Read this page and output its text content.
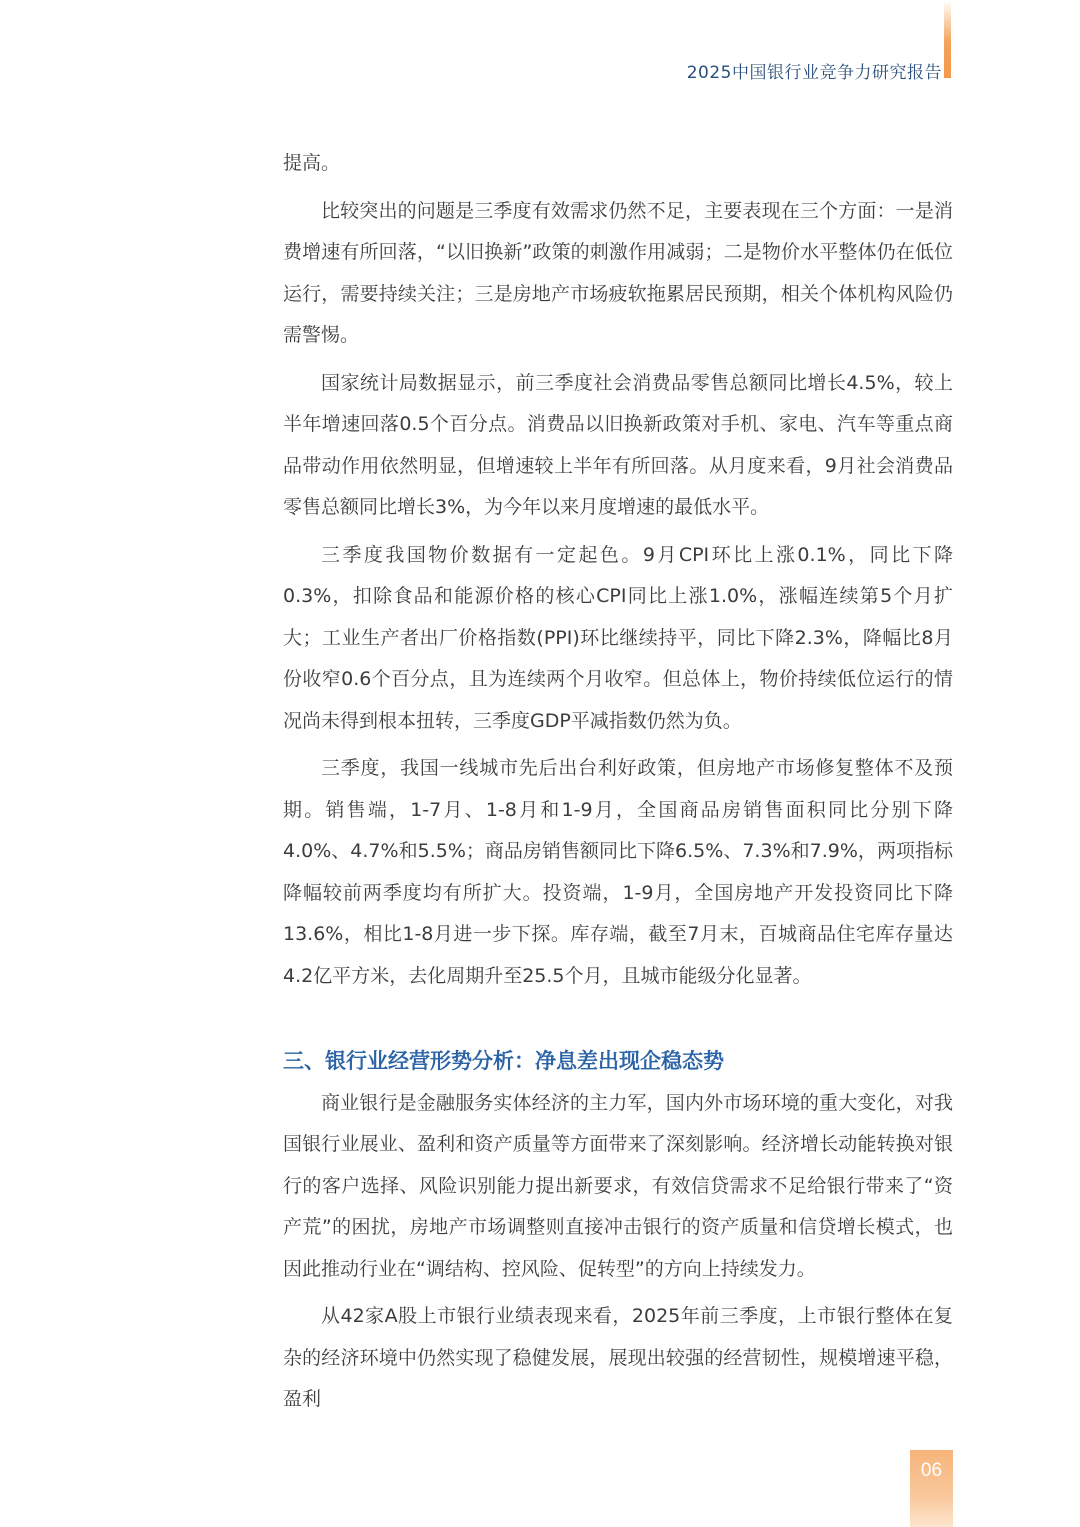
2025中国银行业竞争力研究报告

提高。

比较突出的问题是三季度有效需求仍然不足，主要表现在三个方面：一是消费增速有所回落，“以旧换新”政策的刺激作用减弱；二是物价水平整体仍在低位运行，需要持续关注；三是房地产市场疲软拖累居民预期，相关个体机构风险仍需警惕。

国家统计局数据显示，前三季度社会消费品零售总额同比增长4.5%，较上半年增速回落0.5个百分点。消费品以旧换新政策对手机、家电、汽车等重点商品带动作用依然明显，但增速较上半年有所回落。从月度来看，9月社会消费品零售总额同比增长3%，为今年以来月度增速的最低水平。

三季度我国物价数据有一定起色。9月CPI环比上涨0.1%，同比下降0.3%，扣除食品和能源价格的核心CPI同比上涨1.0%，涨幅连续第5个月扩大；工业生产者出厂价格指数(PPI)环比继续持平，同比下降2.3%，降幅比8月份收窄0.6个百分点，且为连续两个月收窄。但总体上，物价持续低位运行的情况尚未得到根本扭转，三季度GDP平减指数仍然为负。

三季度，我国一线城市先后出台利好政策，但房地产市场修复整体不及预期。销售端，1-7月、1-8月和1-9月，全国商品房销售面积同比分别下降4.0%、4.7%和5.5%；商品房销售额同比下降6.5%、7.3%和7.9%，两项指标降幅较前两季度均有所扩大。投资端，1-9月，全国房地产开发投资同比下降13.6%，相比1-8月进一步下探。库存端，截至7月末，百城商品住宅库存量达4.2亿平方米，去化周期升至25.5个月，且城市能级分化显著。

三、银行业经营形势分析：净息差出现企稳态势

商业银行是金融服务实体经济的主力军，国内外市场环境的重大变化，对我国银行业展业、盈利和资产质量等方面带来了深刻影响。经济增长动能转换对银行的客户选择、风险识别能力提出新要求，有效信贷需求不足给银行带来了“资产荒”的困扰，房地产市场调整则直接冲击银行的资产质量和信贷增长模式，也因此推动行业在“调结构、控风险、促转型”的方向上持续发力。

从42家A股上市银行业绩表现来看，2025年前三季度，上市银行整体在复杂的经济环境中仍然实现了稳健发展，展现出较强的经营韧性，规模增速平稳，盈利

06
